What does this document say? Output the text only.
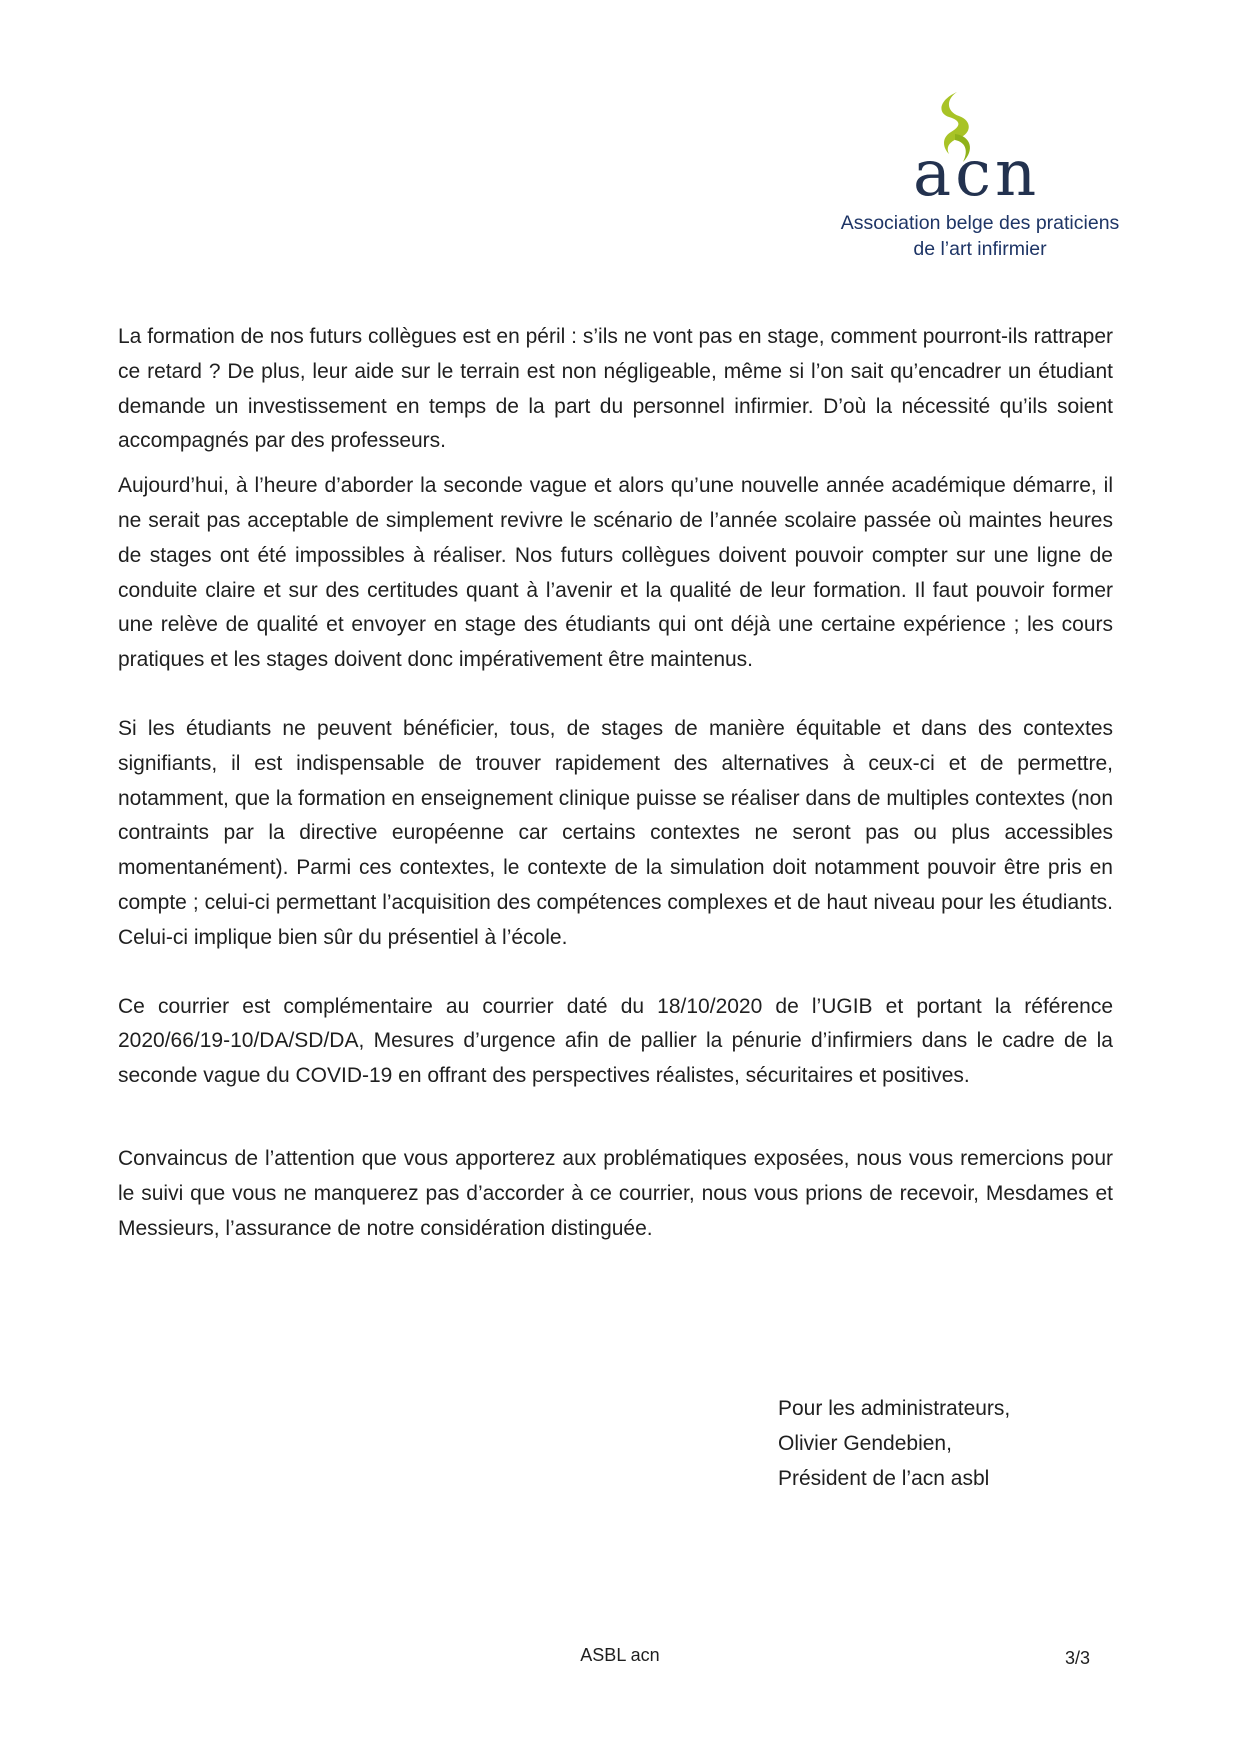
acn
Association belge des praticiens
de l’art infirmier

La formation de nos futurs collègues est en péril : s’ils ne vont pas en stage, comment pourront-ils rattraper ce retard ? De plus, leur aide sur le terrain est non négligeable, même si l’on sait qu’encadrer un étudiant demande un investissement en temps de la part du personnel infirmier. D’où la nécessité qu’ils soient accompagnés par des professeurs.

Aujourd’hui, à l’heure d’aborder la seconde vague et alors qu’une nouvelle année académique démarre, il ne serait pas acceptable de simplement revivre le scénario de l’année scolaire passée où maintes heures de stages ont été impossibles à réaliser. Nos futurs collègues doivent pouvoir compter sur une ligne de conduite claire et sur des certitudes quant à l’avenir et la qualité de leur formation. Il faut pouvoir former une relève de qualité et envoyer en stage des étudiants qui ont déjà une certaine expérience ; les cours pratiques et les stages doivent donc impérativement être maintenus.

Si les étudiants ne peuvent bénéficier, tous, de stages de manière équitable et dans des contextes signifiants, il est indispensable de trouver rapidement des alternatives à ceux-ci et de permettre, notamment, que la formation en enseignement clinique puisse se réaliser dans de multiples contextes (non contraints par la directive européenne car certains contextes ne seront pas ou plus accessibles momentanément). Parmi ces contextes, le contexte de la simulation doit notamment pouvoir être pris en compte ; celui-ci permettant l’acquisition des compétences complexes et de haut niveau pour les étudiants. Celui-ci implique bien sûr du présentiel à l’école.

Ce courrier est complémentaire au courrier daté du 18/10/2020 de l’UGIB et portant la référence 2020/66/19-10/DA/SD/DA, Mesures d’urgence afin de pallier la pénurie d’infirmiers dans le cadre de la seconde vague du COVID-19 en offrant des perspectives réalistes, sécuritaires et positives.

Convaincus de l’attention que vous apporterez aux problématiques exposées, nous vous remercions pour le suivi que vous ne manquerez pas d’accorder à ce courrier, nous vous prions de recevoir, Mesdames et Messieurs, l’assurance de notre considération distinguée.

Pour les administrateurs,
Olivier Gendebien,
Président de l’acn asbl
ASBL acn	3/3
